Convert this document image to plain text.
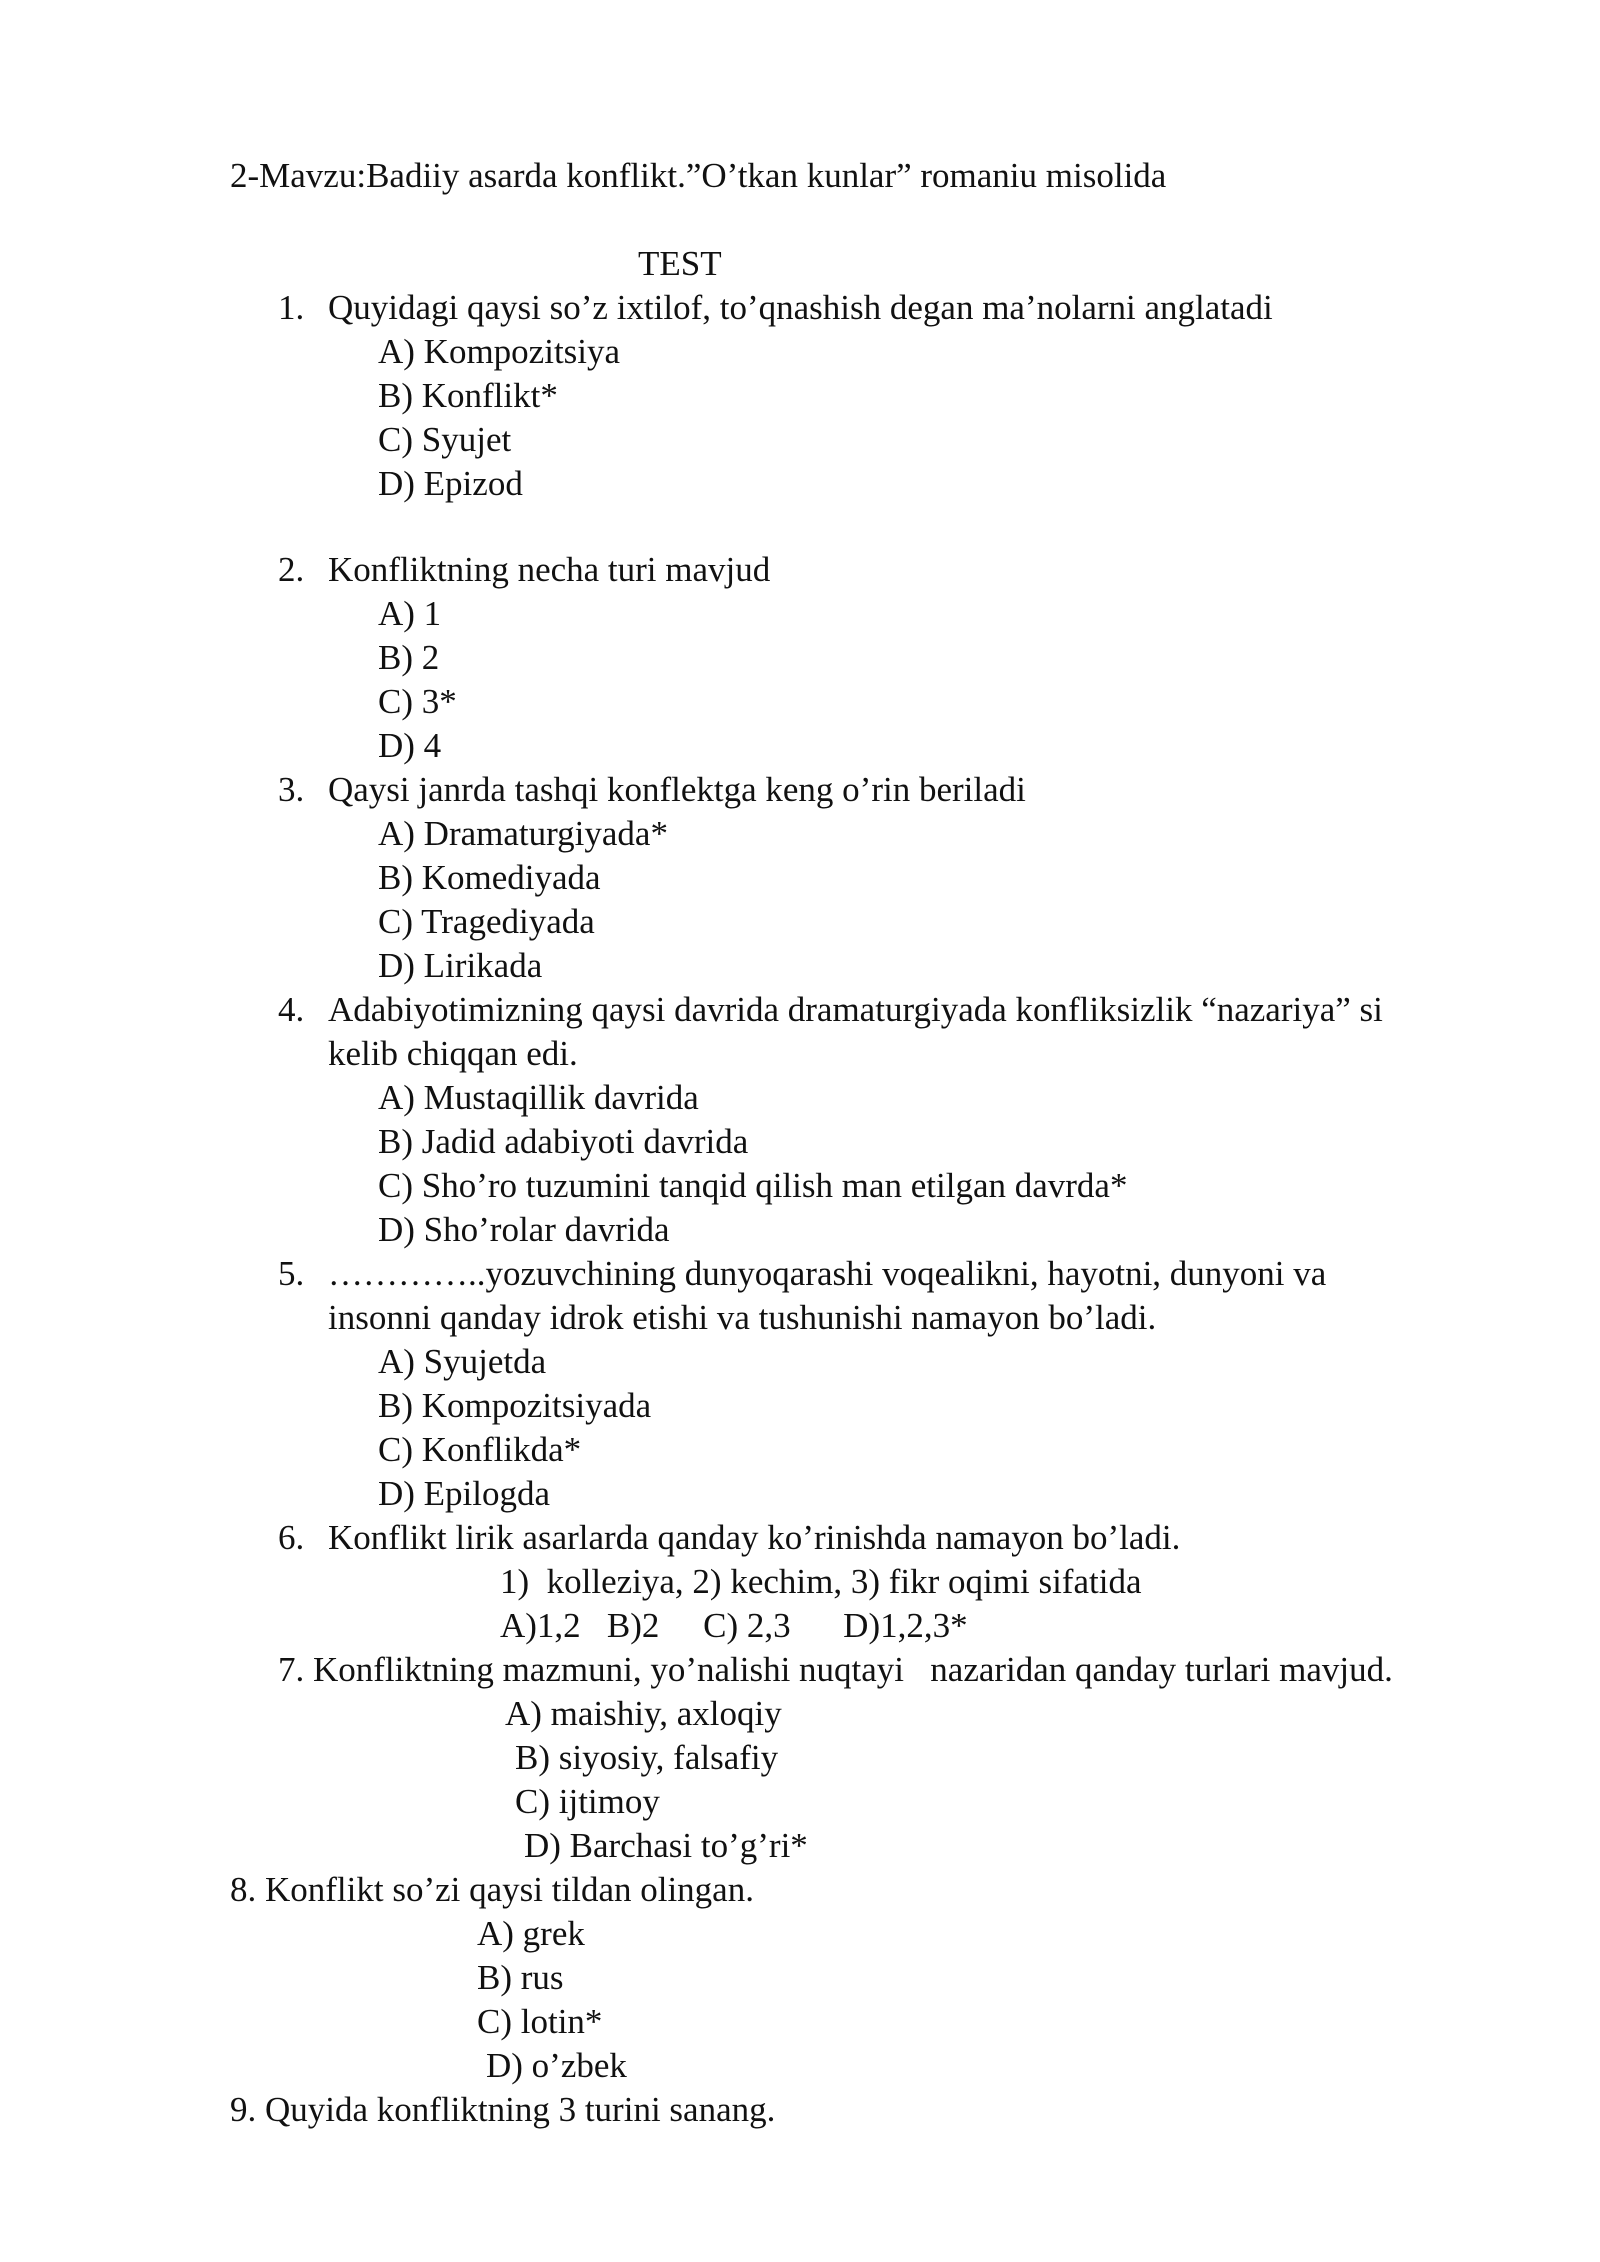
2-Mavzu:Badiiy asarda konflikt.”O’tkan kunlar” romaniu misolida
TEST
1. Quyidagi qaysi so’z ixtilof, to’qnashish degan ma’nolarni anglatadi
A) Kompozitsiya
B) Konflikt*
C) Syujet
D) Epizod
2. Konfliktning necha turi mavjud
A) 1
B) 2
C) 3*
D) 4
3. Qaysi janrda tashqi konflektga keng o’rin beriladi
A) Dramaturgiyada*
B) Komediyada
C) Tragediyada
D) Lirikada
4. Adabiyotimizning qaysi davrida dramaturgiyada konfliksizlik “nazariya” si
kelib chiqqan edi.
A) Mustaqillik davrida
B) Jadid adabiyoti davrida
C) Sho’ro tuzumini tanqid qilish man etilgan davrda*
D) Sho’rolar davrida
5. …………..yozuvchining dunyoqarashi voqealikni, hayotni, dunyoni va
insonni qanday idrok etishi va tushunishi namayon bo’ladi.
A) Syujetda
B) Kompozitsiyada
C) Konflikda*
D) Epilogda
6. Konflikt lirik asarlarda qanday ko’rinishda namayon bo’ladi.
1)  kolleziya, 2) kechim, 3) fikr oqimi sifatida
A)1,2   B)2     C) 2,3      D)1,2,3*
7. Konfliktning mazmuni, yo’nalishi nuqtayi   nazaridan qanday turlari mavjud.
A) maishiy, axloqiy
B) siyosiy, falsafiy
C) ijtimoy
D) Barchasi to’g’ri*
8. Konflikt so’zi qaysi tildan olingan.
A) grek
B) rus
C) lotin*
D) o’zbek
9. Quyida konfliktning 3 turini sanang.
